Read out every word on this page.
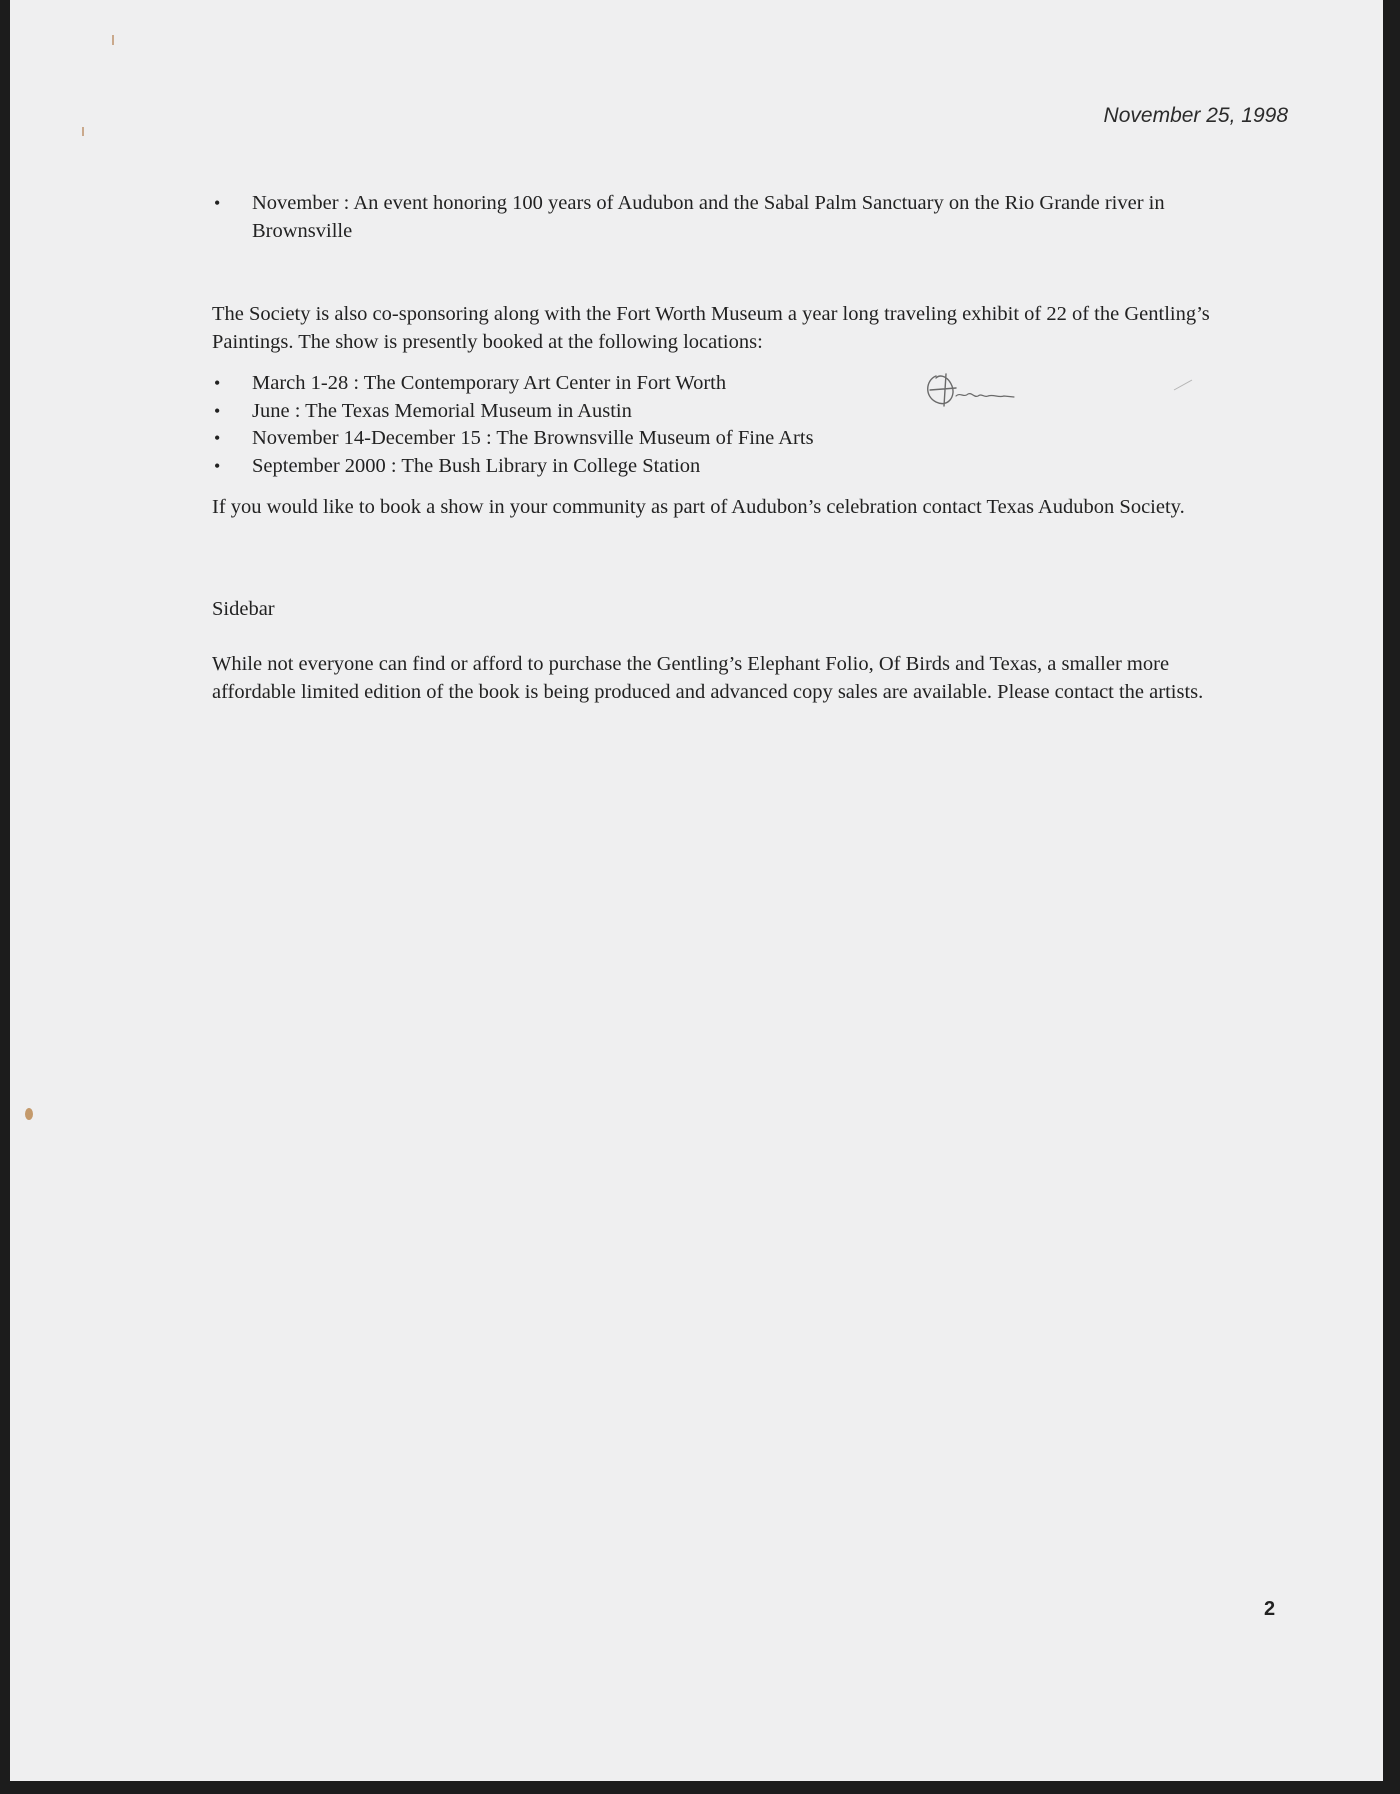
November 25, 1998

• November : An event honoring 100 years of Audubon and the Sabal Palm Sanctuary on the Rio Grande river in Brownsville

The Society is also co-sponsoring along with the Fort Worth Museum a year long traveling exhibit of 22 of the Gentling’s Paintings. The show is presently booked at the following locations:

• March 1-28 : The Contemporary Art Center in Fort Worth
• June : The Texas Memorial Museum in Austin
• November 14-December 15 : The Brownsville Museum of Fine Arts
• September 2000 : The Bush Library in College Station

If you would like to book a show in your community as part of Audubon’s celebration contact Texas Audubon Society.

Sidebar

While not everyone can find or afford to purchase the Gentling’s Elephant Folio, Of Birds and Texas, a smaller more affordable limited edition of the book is being produced and advanced copy sales are available. Please contact the artists.

2
